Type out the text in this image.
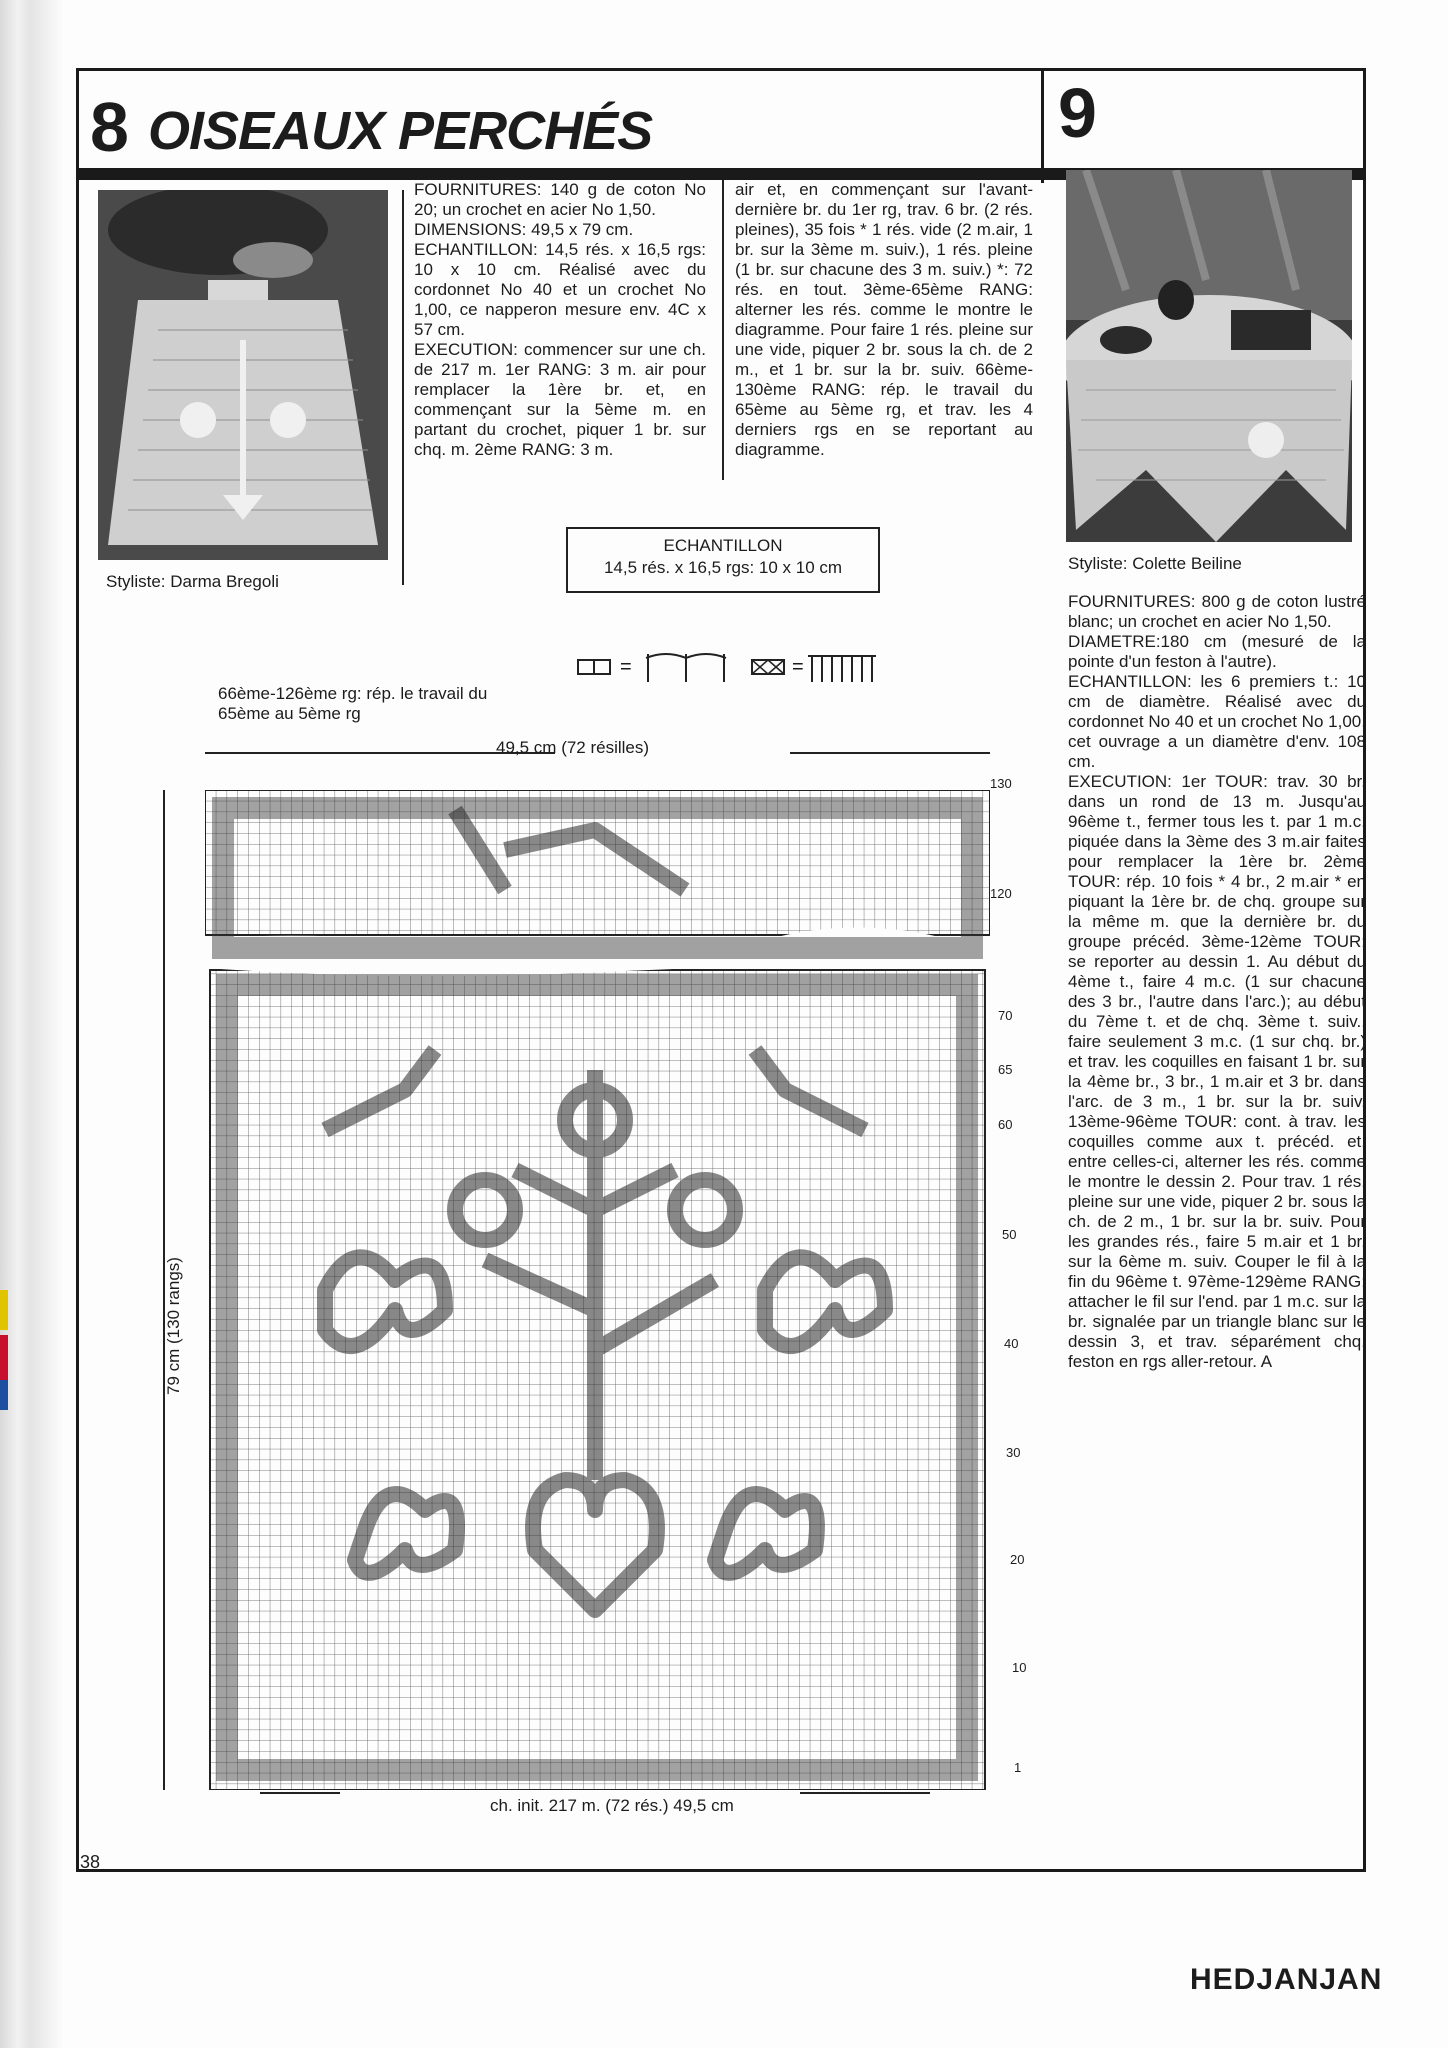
8 OISEAUX PERCHÉS	9
Styliste: Darma Bregoli
FOURNITURES: 140 g de coton No 20; un crochet en acier No 1,50.
DIMENSIONS: 49,5 x 79 cm.
ECHANTILLON: 14,5 rés. x 16,5 rgs: 10 x 10 cm. Réalisé avec du cordonnet No 40 et un crochet No 1,00, ce napperon mesure env. 4C x 57 cm.
EXECUTION: commencer sur une ch. de 217 m. 1er RANG: 3 m. air pour remplacer la 1ère br. et, en commençant sur la 5ème m. en partant du crochet, piquer 1 br. sur chq. m. 2ème RANG: 3 m.
air et, en commençant sur l'avant-dernière br. du 1er rg, trav. 6 br. (2 rés. pleines), 35 fois * 1 rés. vide (2 m.air, 1 br. sur la 3ème m. suiv.), 1 rés. pleine (1 br. sur chacune des 3 m. suiv.) *: 72 rés. en tout. 3ème-65ème RANG: alterner les rés. comme le montre le diagramme. Pour faire 1 rés. pleine sur une vide, piquer 2 br. sous la ch. de 2 m., et 1 br. sur la br. suiv. 66ème-130ème RANG: rép. le travail du 65ème au 5ème rg, et trav. les 4 derniers rgs en se reportant au diagramme.
ECHANTILLON
14,5 rés. x 16,5 rgs: 10 x 10 cm
=	=
66ème-126ème rg: rép. le travail du 65ème au 5ème rg
49,5 cm (72 résilles)
79 cm (130 rangs)
130
120
70
65
60
50
40
30
20
10
1
ch. init. 217 m. (72 rés.) 49,5 cm
Styliste: Colette Beiline
FOURNITURES: 800 g de coton lustré blanc; un crochet en acier No 1,50.
DIAMETRE:180 cm (mesuré de la pointe d'un feston à l'autre).
ECHANTILLON: les 6 premiers t.: 10 cm de diamètre. Réalisé avec du cordonnet No 40 et un crochet No 1,00, cet ouvrage a un diamètre d'env. 108 cm.
EXECUTION: 1er TOUR: trav. 30 br. dans un rond de 13 m. Jusqu'au 96ème t., fermer tous les t. par 1 m.c. piquée dans la 3ème des 3 m.air faites pour remplacer la 1ère br. 2ème TOUR: rép. 10 fois * 4 br., 2 m.air * en piquant la 1ère br. de chq. groupe sur la même m. que la dernière br. du groupe précéd. 3ème-12ème TOUR: se reporter au dessin 1. Au début du 4ème t., faire 4 m.c. (1 sur chacune des 3 br., l'autre dans l'arc.); au début du 7ème t. et de chq. 3ème t. suiv., faire seulement 3 m.c. (1 sur chq. br.) et trav. les coquilles en faisant 1 br. sur la 4ème br., 3 br., 1 m.air et 3 br. dans l'arc. de 3 m., 1 br. sur la br. suiv. 13ème-96ème TOUR: cont. à trav. les coquilles comme aux t. précéd. et, entre celles-ci, alterner les rés. comme le montre le dessin 2. Pour trav. 1 rés. pleine sur une vide, piquer 2 br. sous la ch. de 2 m., 1 br. sur la br. suiv. Pour les grandes rés., faire 5 m.air et 1 br. sur la 6ème m. suiv. Couper le fil à la fin du 96ème t. 97ème-129ème RANG: attacher le fil sur l'end. par 1 m.c. sur la br. signalée par un triangle blanc sur le dessin 3, et trav. séparément chq. feston en rgs aller-retour. A
38
HEDJANJAN
